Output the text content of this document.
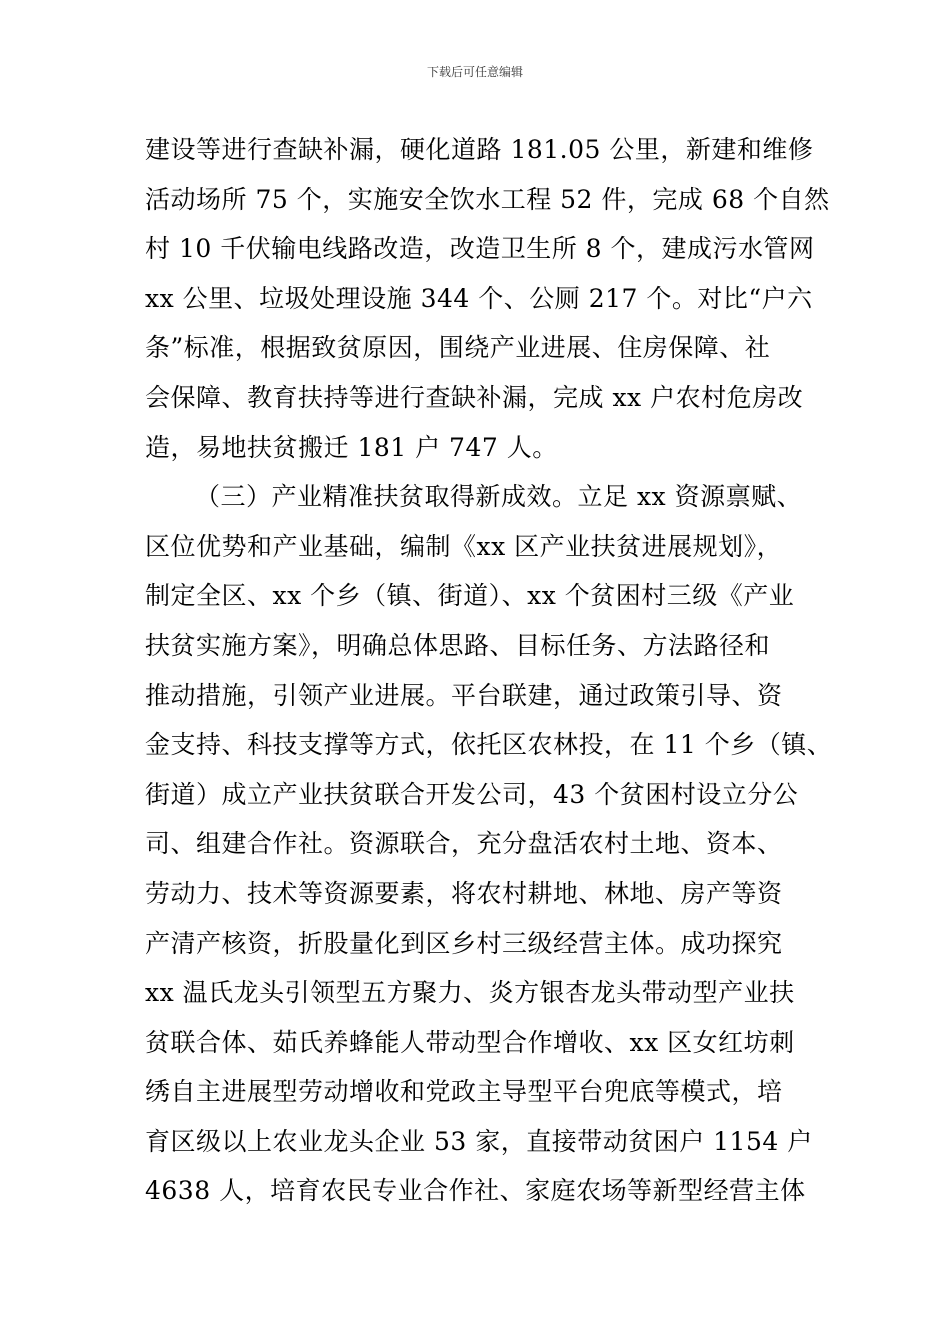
下载后可任意编辑
建设等进行查缺补漏，硬化道路 181.05 公里，新建和维修
活动场所 75 个，实施安全饮水工程 52 件，完成 68 个自然
村 10 千伏输电线路改造，改造卫生所 8 个，建成污水管网
xx 公里、垃圾处理设施 344 个、公厕 217 个。对比“户六
条”标准，根据致贫原因，围绕产业进展、住房保障、社
会保障、教育扶持等进行查缺补漏，完成 xx 户农村危房改
造，易地扶贫搬迁 181 户 747 人。
（三）产业精准扶贫取得新成效。立足 xx 资源禀赋、
区位优势和产业基础，编制《xx 区产业扶贫进展规划》，
制定全区、xx 个乡（镇、街道）、xx 个贫困村三级《产业
扶贫实施方案》，明确总体思路、目标任务、方法路径和
推动措施，引领产业进展。平台联建，通过政策引导、资
金支持、科技支撑等方式，依托区农林投，在 11 个乡（镇、
街道）成立产业扶贫联合开发公司，43 个贫困村设立分公
司、组建合作社。资源联合，充分盘活农村土地、资本、
劳动力、技术等资源要素，将农村耕地、林地、房产等资
产清产核资，折股量化到区乡村三级经营主体。成功探究
xx 温氏龙头引领型五方聚力、炎方银杏龙头带动型产业扶
贫联合体、茹氏养蜂能人带动型合作增收、xx 区女红坊刺
绣自主进展型劳动增收和党政主导型平台兜底等模式，培
育区级以上农业龙头企业 53 家，直接带动贫困户 1154 户
4638 人，培育农民专业合作社、家庭农场等新型经营主体
